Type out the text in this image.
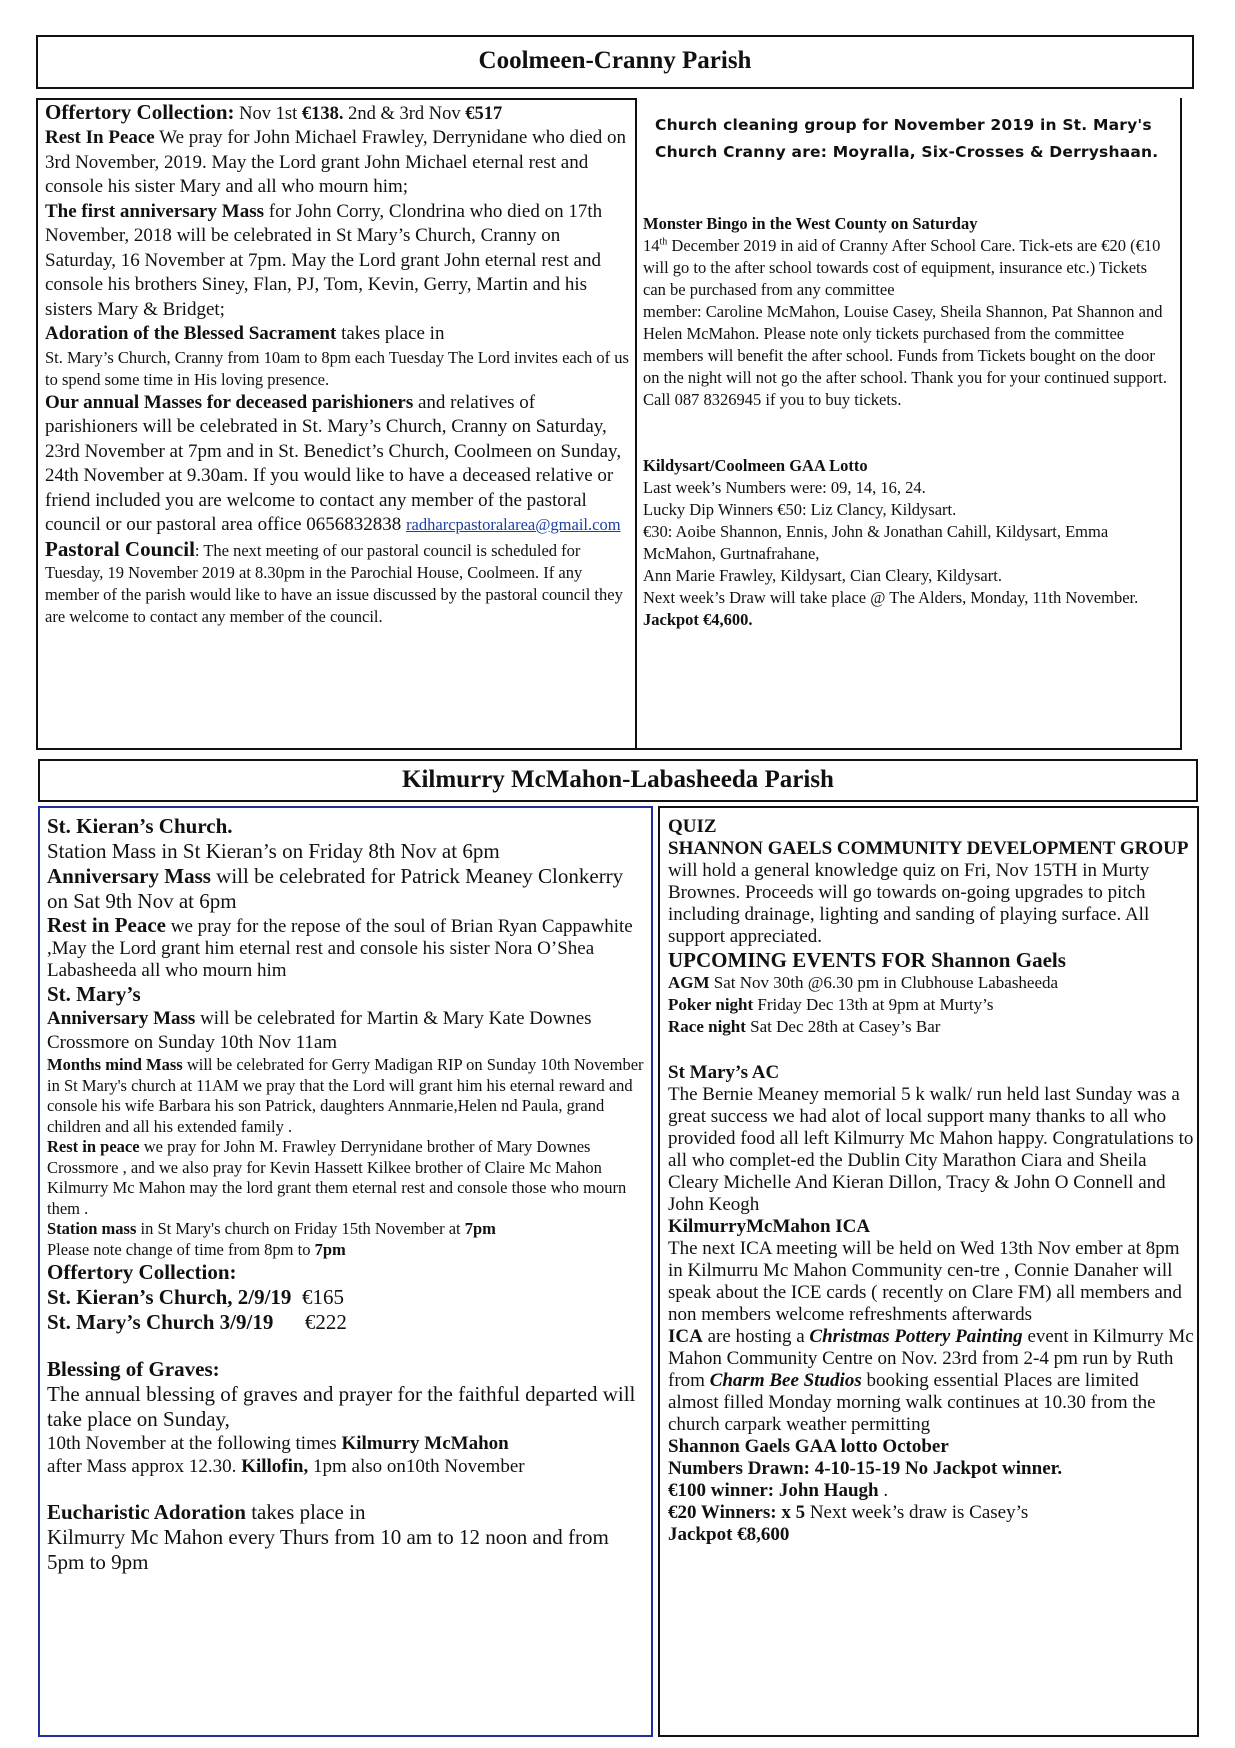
Coolmeen-Cranny Parish

Offertory Collection: Nov 1st €138. 2nd & 3rd Nov €517

Rest In Peace We pray for John Michael Frawley, Derrynidane who died on 3rd November, 2019. May the Lord grant John Michael eternal rest and console his sister Mary and all who mourn him;

The first anniversary Mass for John Corry, Clondrina who died on 17th November, 2018 will be celebrated in St Mary’s Church, Cranny on Saturday, 16 November at 7pm. May the Lord grant John eternal rest and console his brothers Siney, Flan, PJ, Tom, Kevin, Gerry, Martin and his sisters Mary & Bridget;

Adoration of the Blessed Sacrament takes place in

St. Mary’s Church, Cranny from 10am to 8pm each Tuesday The Lord invites each of us to spend some time in His loving presence.

Our annual Masses for deceased parishioners and relatives of parishioners will be celebrated in St. Mary’s Church, Cranny on Saturday, 23rd November at 7pm and in St. Benedict’s Church, Coolmeen on Sunday, 24th November at 9.30am. If you would like to have a deceased relative or friend included you are welcome to contact any member of the pastoral council or our pastoral area office 0656832838 radharcpastoralarea@gmail.com

Pastoral Council: The next meeting of our pastoral council is scheduled for Tuesday, 19 November 2019 at 8.30pm in the Parochial House, Coolmeen. If any member of the parish would like to have an issue discussed by the pastoral council they are welcome to contact any member of the council.

Church cleaning group for November 2019 in St. Mary's Church Cranny are: Moyralla, Six-Crosses & Derryshaan.

Monster Bingo in the West County on Saturday

14th December 2019 in aid of Cranny After School Care. Tick-ets are €20 (€10 will go to the after school towards cost of equipment, insurance etc.) Tickets can be purchased from any committee

member: Caroline McMahon, Louise Casey, Sheila Shannon, Pat Shannon and Helen McMahon. Please note only tickets purchased from the committee members will benefit the after school. Funds from Tickets bought on the door on the night will not go the after school. Thank you for your continued support. Call 087 8326945 if you to buy tickets.

Kildysart/Coolmeen GAA Lotto

Last week’s Numbers were: 09, 14, 16, 24.

Lucky Dip Winners €50: Liz Clancy, Kildysart.

€30: Aoibe Shannon, Ennis, John & Jonathan Cahill, Kildysart, Emma McMahon, Gurtnafrahane,

Ann Marie Frawley, Kildysart, Cian Cleary, Kildysart.

Next week’s Draw will take place @ The Alders, Monday, 11th November.

Jackpot €4,600.

Kilmurry McMahon-Labasheeda Parish

St. Kieran’s Church.

Station Mass in St Kieran’s on Friday 8th Nov at 6pm

Anniversary Mass will be celebrated for Patrick Meaney Clonkerry on Sat 9th Nov at 6pm

Rest in Peace we pray for the repose of the soul of Brian Ryan Cappawhite ,May the Lord grant him eternal rest and console his sister Nora O’Shea Labasheeda all who mourn him

St. Mary’s

Anniversary Mass will be celebrated for Martin & Mary Kate Downes Crossmore on Sunday 10th Nov 11am

Months mind Mass will be celebrated for Gerry Madigan RIP on Sunday 10th November in St Mary's church at 11AM we pray that the Lord will grant him his eternal reward and console his wife Barbara his son Patrick, daughters Annmarie,Helen nd Paula, grand children and all his extended family .

Rest in peace we pray for John M. Frawley Derrynidane brother of Mary Downes Crossmore , and we also pray for Kevin Hassett Kilkee brother of Claire Mc Mahon Kilmurry Mc Mahon may the lord grant them eternal rest and console those who mourn them .

Station mass in St Mary's church on Friday 15th November at 7pm
Please note change of time from 8pm to 7pm

Offertory Collection:

St. Kieran’s Church, 2/9/19  €165

St. Mary’s Church 3/9/19      €222

Blessing of Graves:

The annual blessing of graves and prayer for the faithful departed will take place on Sunday,

10th November at the following times Kilmurry McMahon
after Mass approx 12.30. Killofin, 1pm also on10th November

Eucharistic Adoration takes place in

Kilmurry Mc Mahon every Thurs from 10 am to 12 noon and from 5pm to 9pm

QUIZ

SHANNON GAELS COMMUNITY DEVELOPMENT GROUP will hold a general knowledge quiz on Fri, Nov 15TH in Murty Brownes. Proceeds will go towards on-going upgrades to pitch including drainage, lighting and sanding of playing surface. All support appreciated.

UPCOMING EVENTS FOR Shannon Gaels

AGM Sat Nov 30th @6.30 pm in Clubhouse Labasheeda

Poker night Friday Dec 13th at 9pm at Murty’s

Race night Sat Dec 28th at Casey’s Bar

St Mary’s AC

The Bernie Meaney memorial 5 k walk/ run held last Sunday was a great success we had alot of local support many thanks to all who provided food all left Kilmurry Mc Mahon happy. Congratulations to all who complet-ed the Dublin City Marathon Ciara and Sheila Cleary Michelle And Kieran Dillon, Tracy & John O Connell and John Keogh

KilmurryMcMahon ICA

The next ICA meeting will be held on Wed 13th Nov ember at 8pm in Kilmurru Mc Mahon Community cen-tre , Connie Danaher will speak about the ICE cards ( recently on Clare FM) all members and non members welcome refreshments afterwards

ICA are hosting a Christmas Pottery Painting event in Kilmurry Mc Mahon Community Centre on Nov. 23rd from 2-4 pm run by Ruth from Charm Bee Studios booking essential Places are limited almost filled Monday morning walk continues at 10.30 from the church carpark weather permitting

Shannon Gaels GAA lotto October

Numbers Drawn: 4-10-15-19 No Jackpot winner.

€100 winner: John Haugh .

€20 Winners: x 5 Next week’s draw is Casey’s

Jackpot €8,600
